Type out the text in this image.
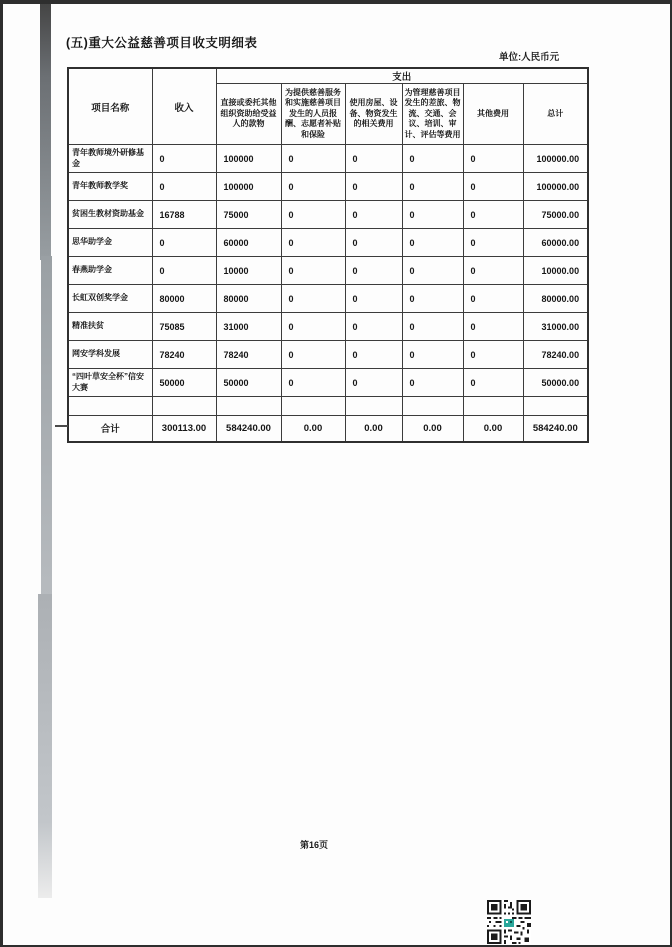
(五)重大公益慈善项目收支明细表
单位:人民币元
项目名称	收入	支出					
		直接或委托其他组织资助给受益人的款物	为提供慈善服务和实施慈善项目发生的人员报酬、志愿者补贴和保险	使用房屋、设备、物资发生的相关费用	为管理慈善项目发生的差旅、物流、交通、会议、培训、审计、评估等费用	其他费用	总计
青年教师境外研修基金	0	100000	0	0	0	0	100000.00
青年教师教学奖	0	100000	0	0	0	0	100000.00
贫困生教材资助基金	16788	75000	0	0	0	0	75000.00
思华助学金	0	60000	0	0	0	0	60000.00
春燕助学金	0	10000	0	0	0	0	10000.00
长虹双创奖学金	80000	80000	0	0	0	0	80000.00
精准扶贫	75085	31000	0	0	0	0	31000.00
网安学科发展	78240	78240	0	0	0	0	78240.00
“四叶草安全杯”信安大赛	50000	50000	0	0	0	0	50000.00

合计	300113.00	584240.00	0.00	0.00	0.00	0.00	584240.00
第16页
